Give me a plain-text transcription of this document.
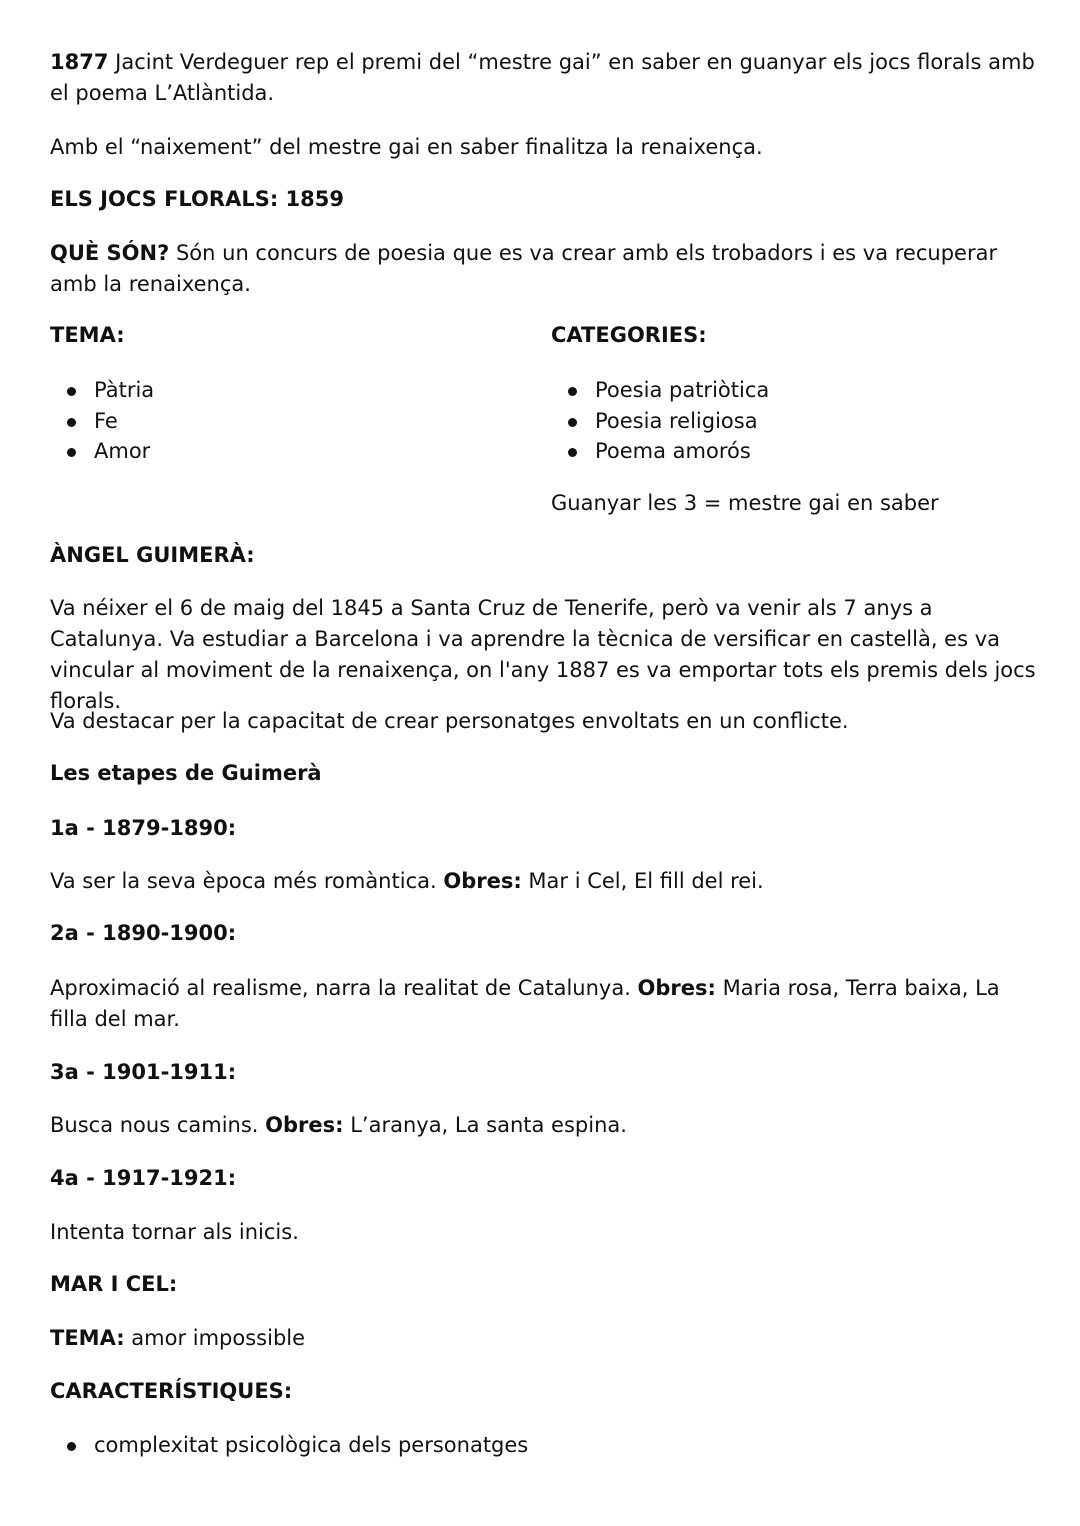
1877 Jacint Verdeguer rep el premi del “mestre gai” en saber en guanyar els jocs florals amb el poema L’Atlàntida.

Amb el “naixement” del mestre gai en saber finalitza la renaixença.

ELS JOCS FLORALS: 1859

QUÈ SÓN? Són un concurs de poesia que es va crear amb els trobadors i es va recuperar amb la renaixença.

TEMA:
Pàtria
Fe
Amor
CATEGORIES:
Poesia patriòtica
Poesia religiosa
Poema amorós
Guanyar les 3 = mestre gai en saber

ÀNGEL GUIMERÀ:

Va néixer el 6 de maig del 1845 a Santa Cruz de Tenerife, però va venir als 7 anys a Catalunya. Va estudiar a Barcelona i va aprendre la tècnica de versificar en castellà, es va vincular al moviment de la renaixença, on l'any 1887 es va emportar tots els premis dels jocs florals.

Va destacar per la capacitat de crear personatges envoltats en un conflicte.

Les etapes de Guimerà

1a - 1879-1890:

Va ser la seva època més romàntica. Obres: Mar i Cel, El fill del rei.

2a - 1890-1900:

Aproximació al realisme, narra la realitat de Catalunya. Obres: Maria rosa, Terra baixa, La filla del mar.

3a - 1901-1911:

Busca nous camins. Obres: L’aranya, La santa espina.

4a - 1917-1921:

Intenta tornar als inicis.

MAR I CEL:

TEMA: amor impossible

CARACTERÍSTIQUES:

complexitat psicològica dels personatges
